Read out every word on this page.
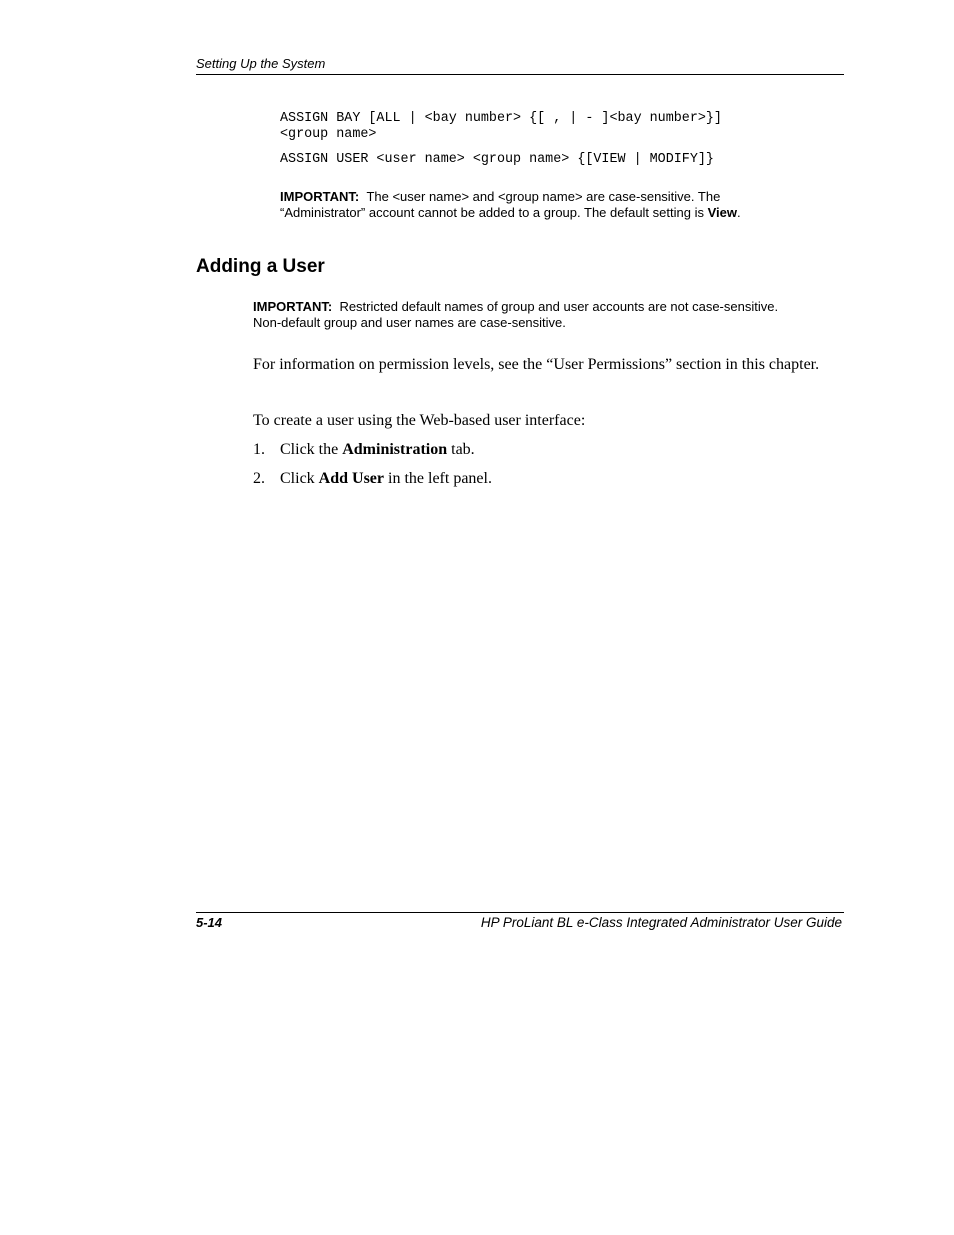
Setting Up the System
ASSIGN BAY [ALL | <bay number> {[ , | - ]<bay number>}]
<group name>
ASSIGN USER <user name> <group name> {[VIEW | MODIFY]}
IMPORTANT: The <user name> and <group name> are case-sensitive. The
“Administrator” account cannot be added to a group. The default setting is View.
Adding a User
IMPORTANT: Restricted default names of group and user accounts are not case-sensitive.
Non-default group and user names are case-sensitive.

For information on permission levels, see the “User Permissions” section in this chapter.

To create a user using the Web-based user interface:

1. Click the Administration tab.
2. Click Add User in the left panel.
5-14	HP ProLiant BL e-Class Integrated Administrator User Guide
